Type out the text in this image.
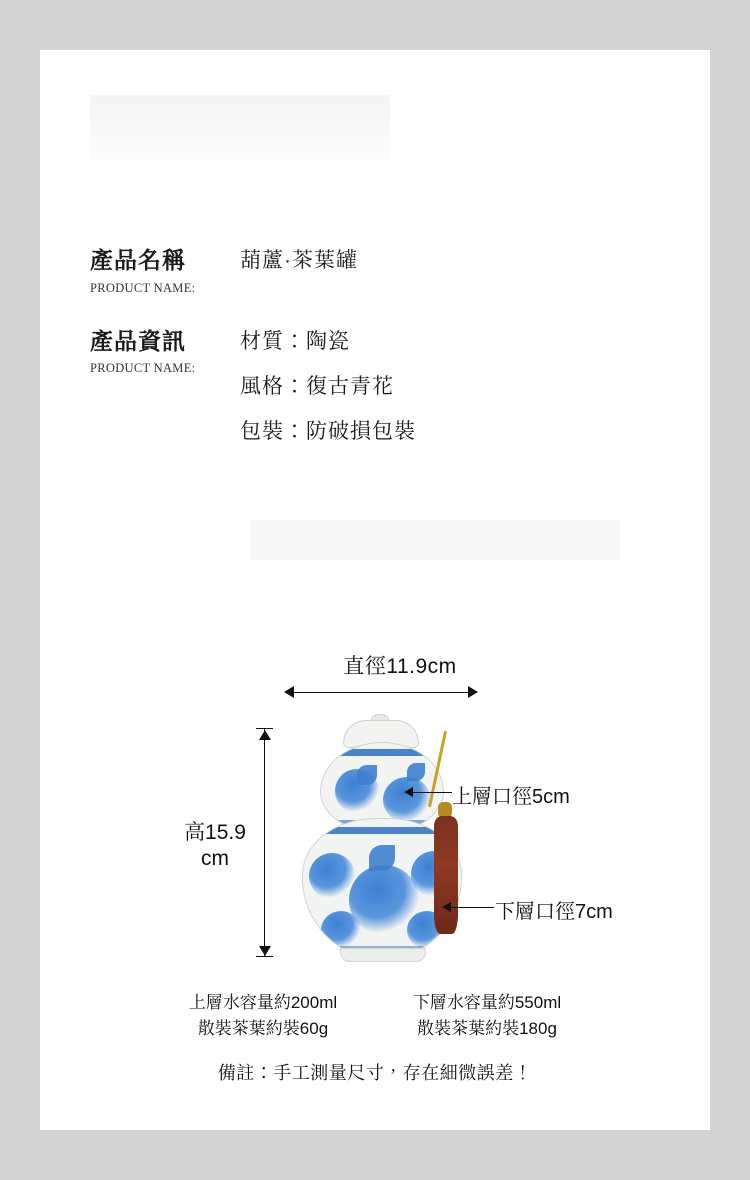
產品名稱
PRODUCT NAME:
葫蘆·茶葉罐
產品資訊
PRODUCT NAME:
材質：陶瓷
風格：復古青花
包裝：防破損包裝
直徑11.9cm
高15.9
cm
上層口徑5cm
下層口徑7cm
上層水容量約200ml
散裝茶葉約裝60g
下層水容量約550ml
散裝茶葉約裝180g
備註：手工測量尺寸，存在細微誤差！
